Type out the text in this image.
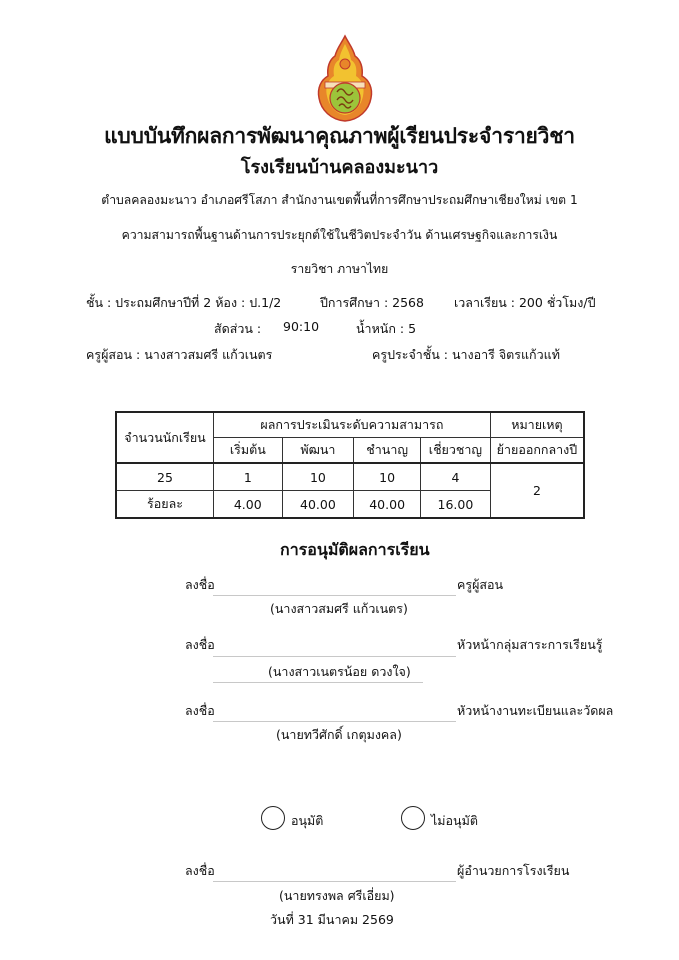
แบบบันทึกผลการพัฒนาคุณภาพผู้เรียนประจำรายวิชา
โรงเรียนบ้านคลองมะนาว
ตำบลคลองมะนาว อำเภอศรีโสภา สำนักงานเขตพื้นที่การศึกษาประถมศึกษาเชียงใหม่ เขต 1
ความสามารถพื้นฐานด้านการประยุกต์ใช้ในชีวิตประจำวัน ด้านเศรษฐกิจและการเงิน
รายวิชา ภาษาไทย
ชั้น : ประถมศึกษาปีที่ 2 ห้อง : ป.1/2	ปีการศึกษา : 2568 เวลาเรียน : 200 ชั่วโมง/ปี
สัดส่วน : 90:10	น้ำหนัก : 5
ครูผู้สอน : นางสาวสมศรี แก้วเนตร	ครูประจำชั้น : นางอารี จิตรแก้วแท้
จำนวนนักเรียน	ผลการประเมินระดับความสามารถ				หมายเหตุ
	เริ่มต้น	พัฒนา	ชำนาญ	เชี่ยวชาญ	ย้ายออกกลางปี
25	1	10	10	4	2
ร้อยละ	4.00	40.00	40.00	16.00	
การอนุมัติผลการเรียน
ลงชื่อ	ครูผู้สอน
(นางสาวสมศรี แก้วเนตร)
ลงชื่อ	หัวหน้ากลุ่มสาระการเรียนรู้
(นางสาวเนตรน้อย ดวงใจ)
ลงชื่อ	หัวหน้างานทะเบียนและวัดผล
(นายทวีศักดิ์ เกตุมงคล)
อนุมัติ	ไม่อนุมัติ
ลงชื่อ	ผู้อำนวยการโรงเรียน
(นายทรงพล ศรีเอี่ยม)
วันที่ 31 มีนาคม 2569
